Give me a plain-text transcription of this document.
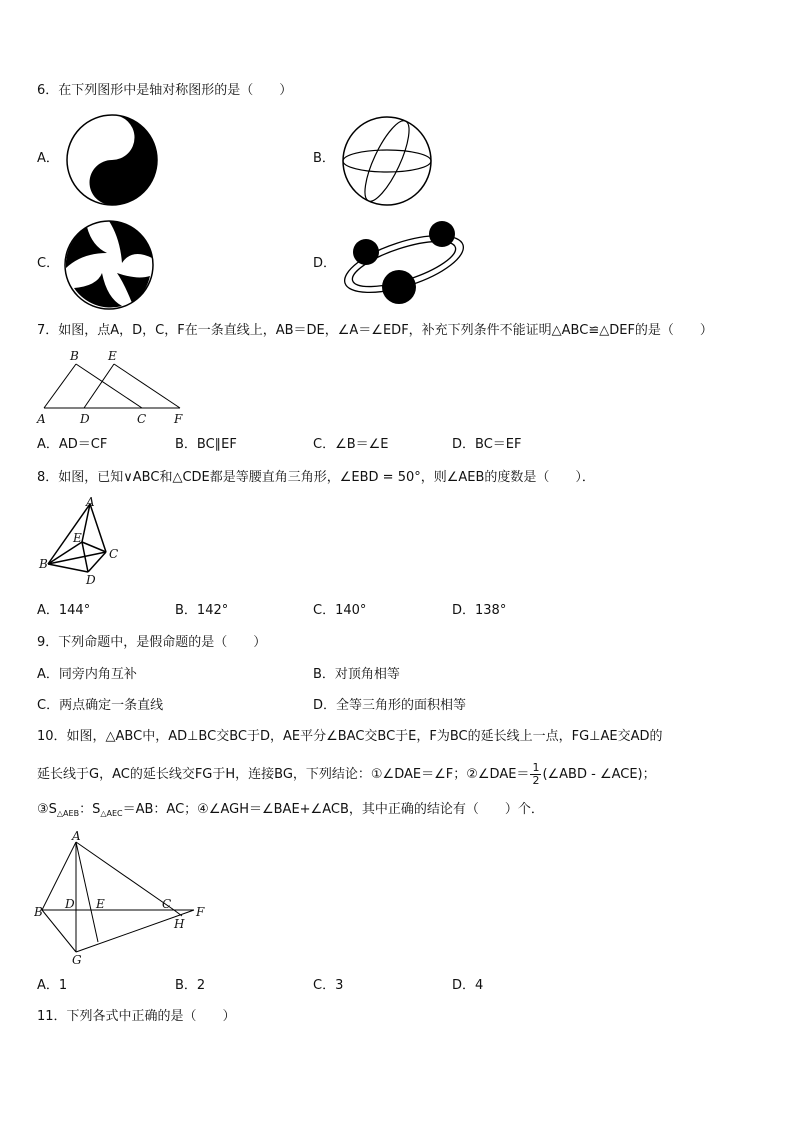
6．在下列图形中是轴对称图形的是（　　）
A．	B．
C．	D．
7．如图，点A，D，C，F在一条直线上，AB＝DE，∠A＝∠EDF，补充下列条件不能证明△ABC≌△DEF的是（　　）
B E
A	D	C F
A．AD＝CF	B．BC∥EF	C．∠B＝∠E	D．BC＝EF
8．如图，已知∨ABC和△CDE都是等腰直角三角形，∠EBD = 50°，则∠AEB的度数是（　　）．
A
E
C
B
D
A．144°	B．142°	C．140°	D．138°
9．下列命题中，是假命题的是（　　）
A．同旁内角互补	B．对顶角相等
C．两点确定一条直线	D．全等三角形的面积相等
10．如图，△ABC中，AD⊥BC交BC于D，AE平分∠BAC交BC于E，F为BC的延长线上一点，FG⊥AE交AD的
延长线于G，AC的延长线交FG于H，连接BG，下列结论：①∠DAE＝∠F；②∠DAE＝ $\frac{1}{2}$ (∠ABD - ∠ACE)；
$③S_{\triangle AEB}$：$S_{\triangle AEC}=AB$：AC；④∠AGH＝∠BAE+∠ACB，其中正确的结论有（　　）个．
A
B
D E	C
F
H
G
A．1	B．2	C．3	D．4
11．下列各式中正确的是（　　）
